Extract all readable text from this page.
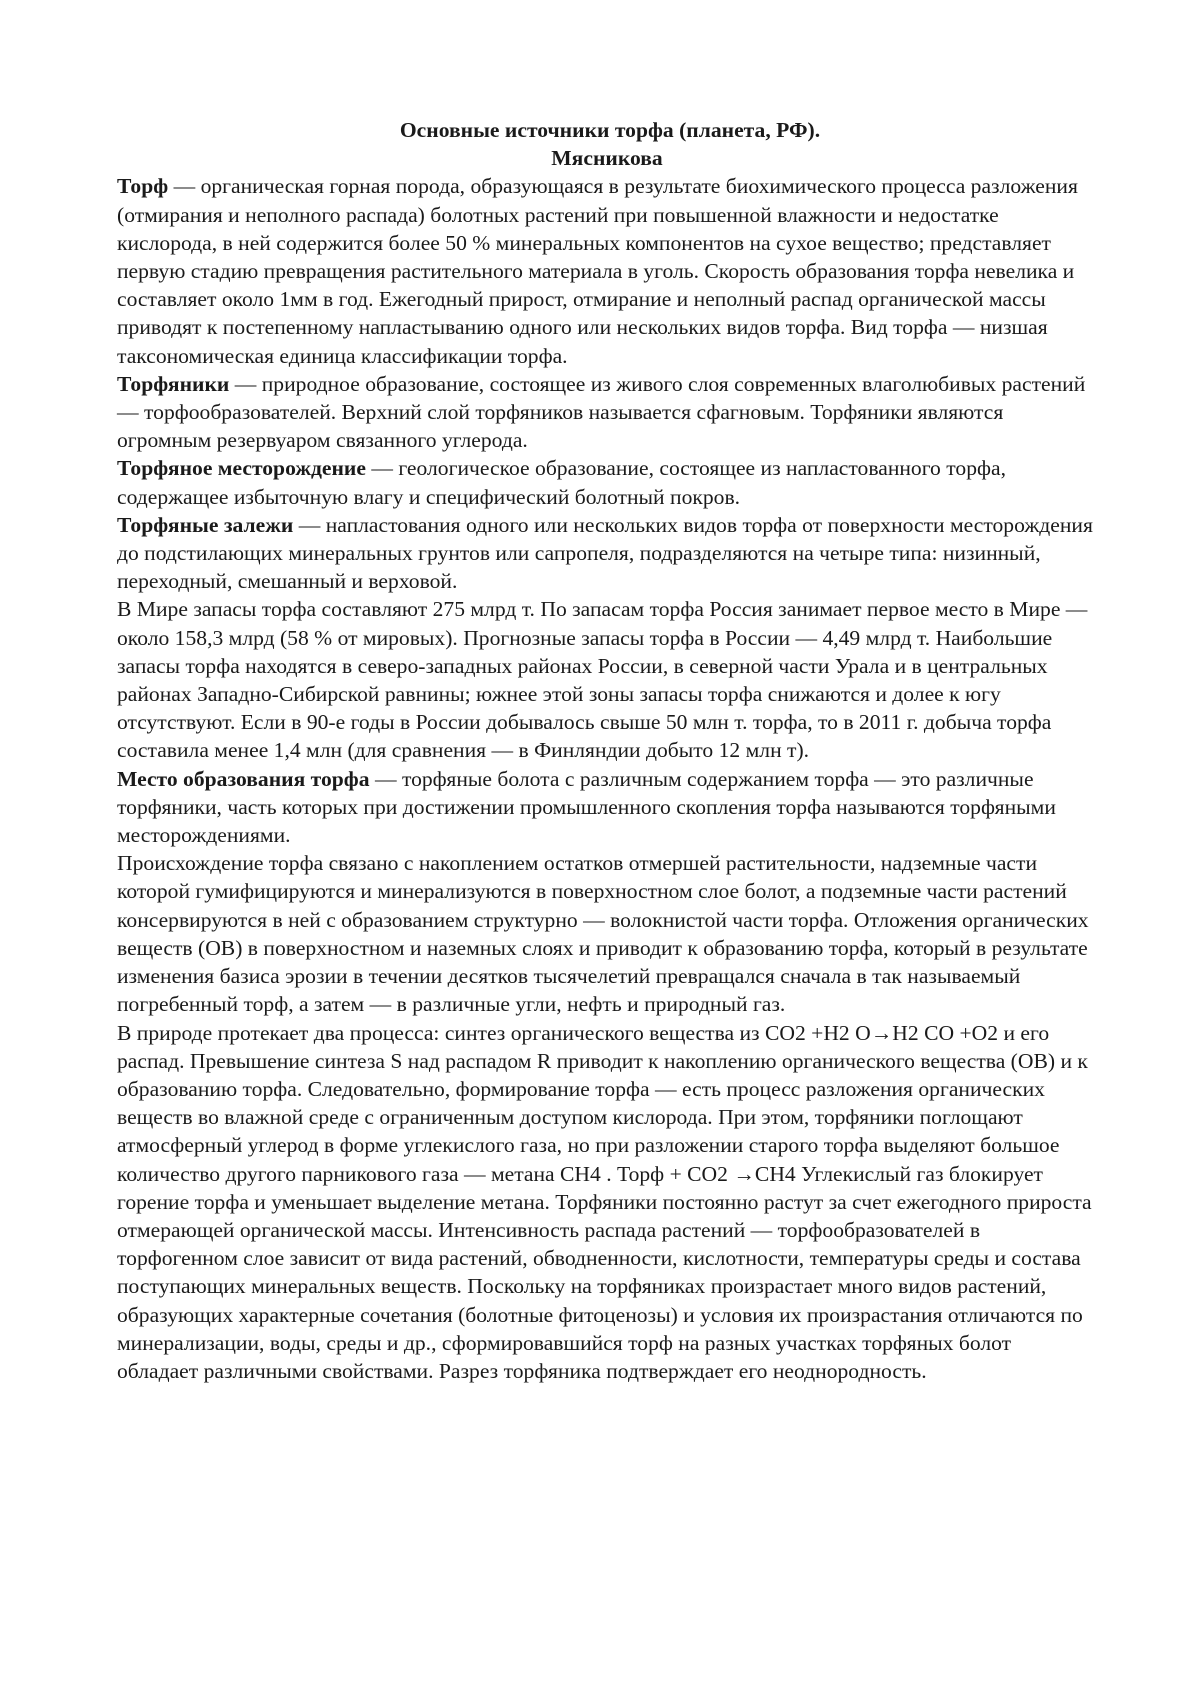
Основные источники торфа (планета, РФ).

Мясникова

Торф — органическая горная порода, образующаяся в результате биохимического процесса разложения (отмирания и неполного распада) болотных растений при повышенной влажности и недостатке кислорода, в ней содержится более 50 % минеральных компонентов на сухое вещество; представляет первую стадию превращения растительного материала в уголь. Скорость образования торфа невелика и составляет около 1мм в год. Ежегодный прирост, отмирание и неполный распад органической массы приводят к постепенному напластыванию одного или нескольких видов торфа. Вид торфа — низшая таксономическая единица классификации торфа.

Торфяники — природное образование, состоящее из живого слоя современных влаголюбивых растений — торфообразователей. Верхний слой торфяников называется сфагновым. Торфяники являются огромным резервуаром связанного углерода.

Торфяное месторождение — геологическое образование, состоящее из напластованного торфа, содержащее избыточную влагу и специфический болотный покров.

Торфяные залежи — напластования одного или нескольких видов торфа от поверхности месторождения до подстилающих минеральных грунтов или сапропеля, подразделяются на четыре типа: низинный, переходный, смешанный и верховой.

В Мире запасы торфа составляют 275 млрд т. По запасам торфа Россия занимает первое место в Мире — около 158,3 млрд (58 % от мировых). Прогнозные запасы торфа в России — 4,49 млрд т. Наибольшие запасы торфа находятся в северо-западных районах России, в северной части Урала и в центральных районах Западно-Сибирской равнины; южнее этой зоны запасы торфа снижаются и долее к югу отсутствуют. Если в 90-е годы в России добывалось свыше 50 млн т. торфа, то в 2011 г. добыча торфа составила менее 1,4 млн (для сравнения — в Финляндии добыто 12 млн т).

Место образования торфа — торфяные болота с различным содержанием торфа — это различные торфяники, часть которых при достижении промышленного скопления торфа называются торфяными месторождениями.

Происхождение торфа связано с накоплением остатков отмершей растительности, надземные части которой гумифицируются и минерализуются в поверхностном слое болот, а подземные части растений консервируются в ней с образованием структурно — волокнистой части торфа. Отложения органических веществ (ОВ) в поверхностном и наземных слоях и приводит к образованию торфа, который в результате изменения базиса эрозии в течении десятков тысячелетий превращался сначала в так называемый погребенный торф, а затем — в различные угли, нефть и природный газ.

В природе протекает два процесса: синтез органического вещества из СО2 +Н2 О→Н2 СО +О2 и его распад. Превышение синтеза S над распадом R приводит к накоплению органического вещества (ОВ) и к образованию торфа. Следовательно, формирование торфа — есть процесс разложения органических веществ во влажной среде с ограниченным доступом кислорода. При этом, торфяники поглощают атмосферный углерод в форме углекислого газа, но при разложении старого торфа выделяют большое количество другого парникового газа — метана СН4 . Торф + СО2 →СН4 Углекислый газ блокирует горение торфа и уменьшает выделение метана. Торфяники постоянно растут за счет ежегодного прироста отмерающей органической массы. Интенсивность распада растений — торфообразователей в торфогенном слое зависит от вида растений, обводненности, кислотности, температуры среды и состава поступающих минеральных веществ. Поскольку на торфяниках произрастает много видов растений, образующих характерные сочетания (болотные фитоценозы) и условия их произрастания отличаются по минерализации, воды, среды и др., сформировавшийся торф на разных участках торфяных болот обладает различными свойствами. Разрез торфяника подтверждает его неоднородность.
